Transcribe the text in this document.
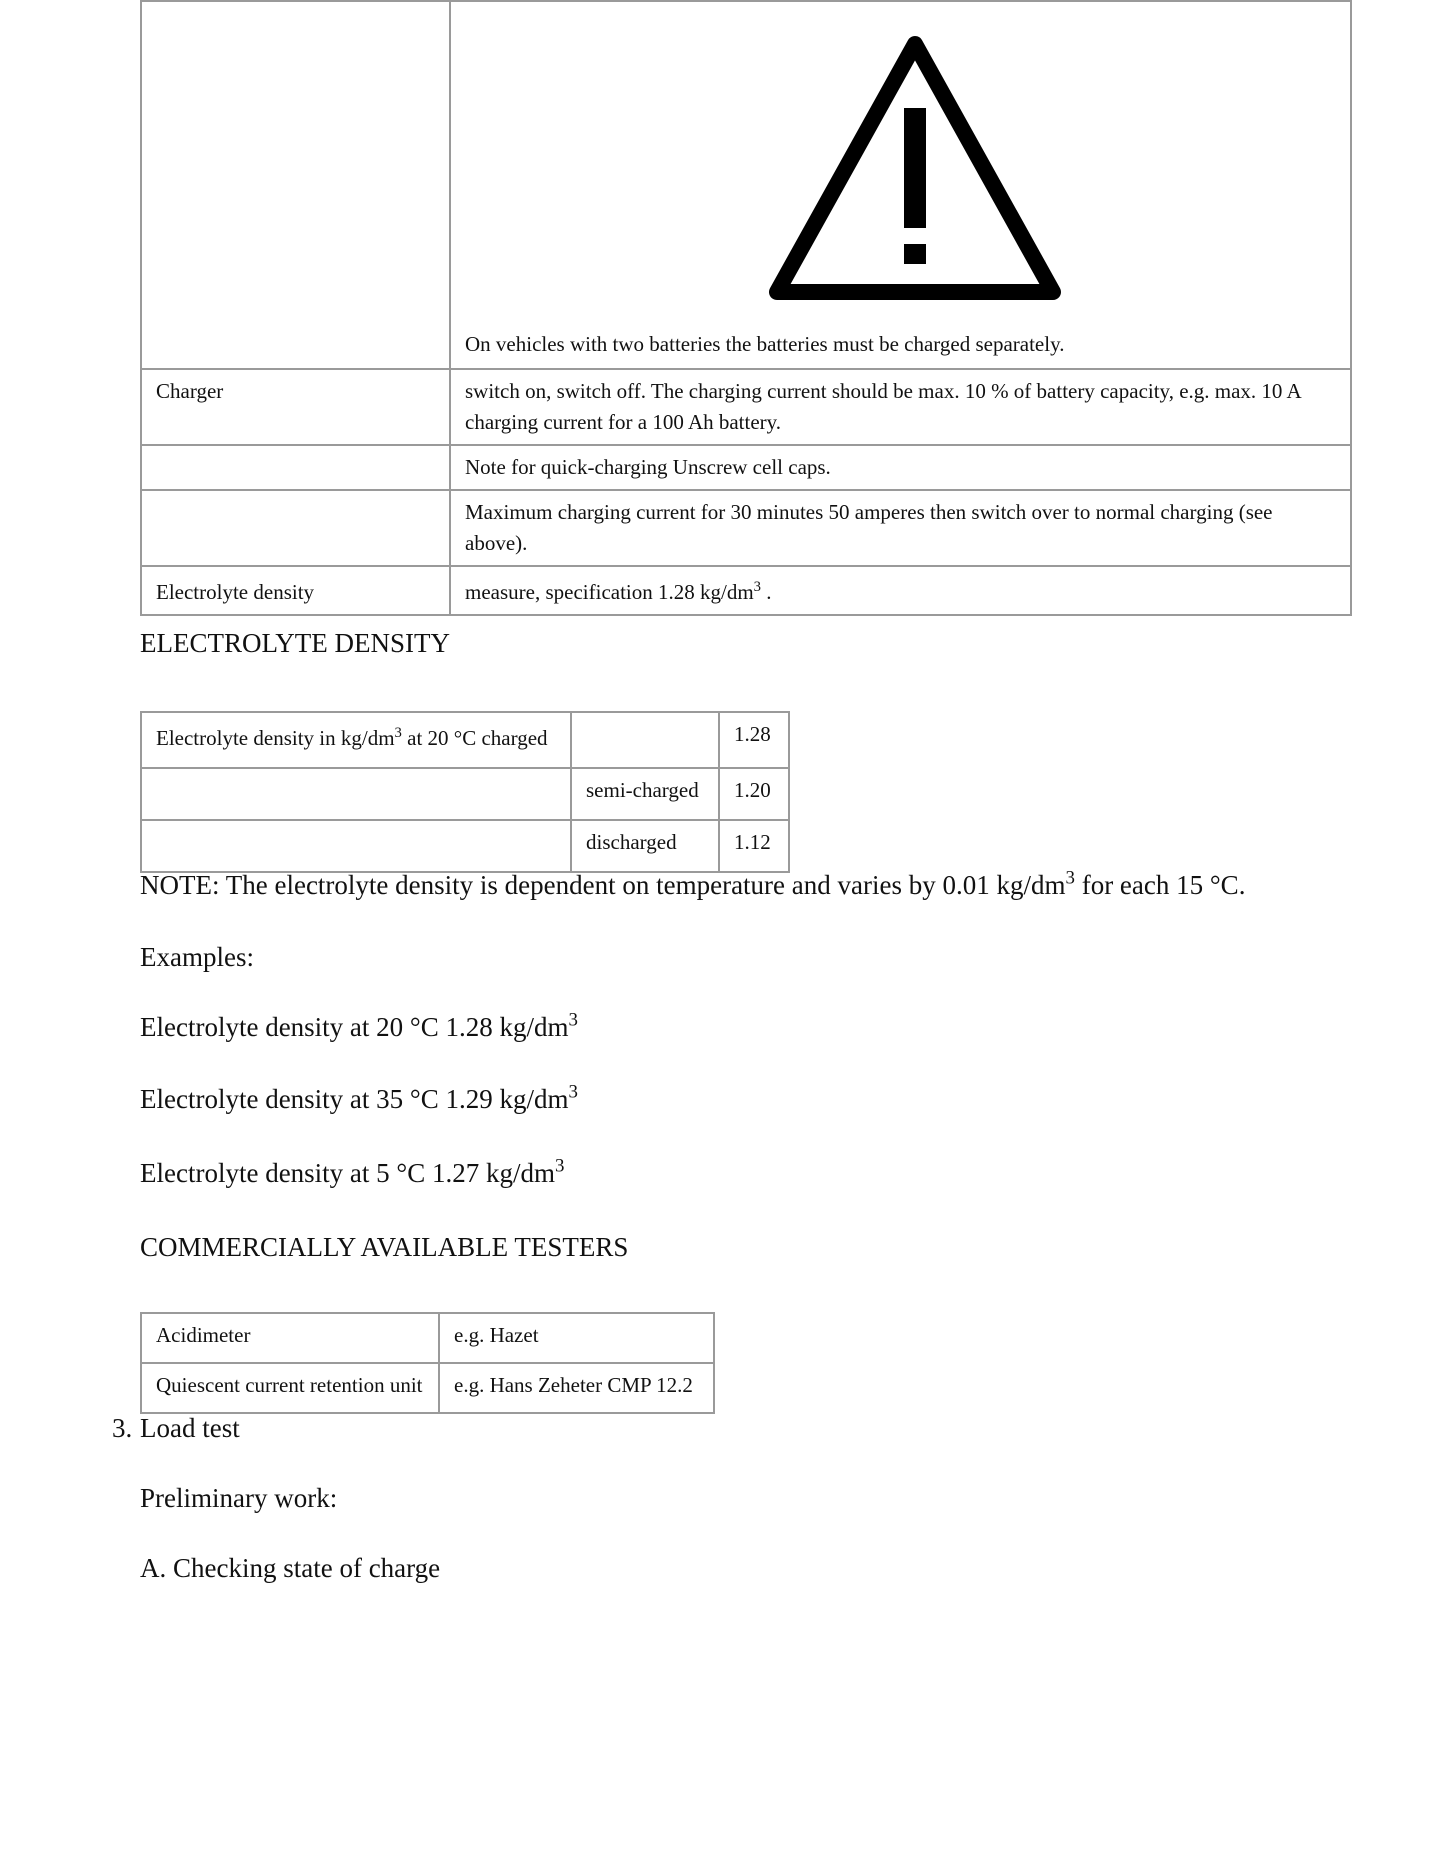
	On vehicles with two batteries the batteries must be charged separately.

Charger	switch on, switch off. The charging current should be max. 10 % of battery capacity, e.g. max. 10 A charging current for a 100 Ah battery.
	Note for quick-charging Unscrew cell caps.
	Maximum charging current for 30 minutes 50 amperes then switch over to normal charging (see above).
Electrolyte density	measure, specification 1.28 $kg/dm^3$ .
ELECTROLYTE DENSITY
Electrolyte density in $kg/dm^3$ at 20 °C charged		1.28
	semi-charged	1.20
	discharged	1.12
NOTE: The electrolyte density is dependent on temperature and varies by 0.01 $kg/dm^3$ for each 15 °C.
Examples:
Electrolyte density at 20 °C 1.28 $kg/dm^3$
Electrolyte density at 35 °C 1.29 $kg/dm^3$
Electrolyte density at 5 °C 1.27 $kg/dm^3$
COMMERCIALLY AVAILABLE TESTERS
Acidimeter	e.g. Hazet
Quiescent current retention unit	e.g. Hans Zeheter CMP 12.2
3. Load test
Preliminary work:
A. Checking state of charge
